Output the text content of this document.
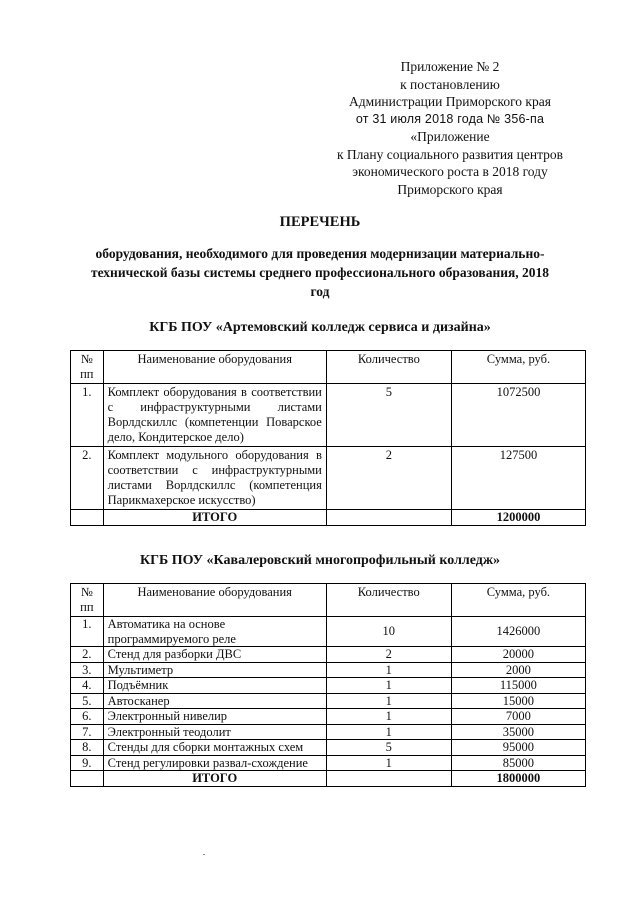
Приложение № 2
к постановлению
Администрации Приморского края
от 31 июля 2018 года № 356-па
«Приложение
к Плану социального развития центров
экономического роста в 2018 году
Приморского края
ПЕРЕЧЕНЬ
оборудования, необходимого для проведения модернизации материально-технической базы системы среднего профессионального образования, 2018 год
КГБ ПОУ «Артемовский колледж сервиса и дизайна»
№ пп	Наименование оборудования	Количество	Сумма, руб.
1.	Комплект оборудования в соответствии с инфраструктурными листами Ворлдскиллс (компетенции Поварское дело, Кондитерское дело)	5	1072500
2.	Комплект модульного оборудования в соответствии с инфраструктурными листами Ворлдскиллс (компетенция Парикмахерское искусство)	2	127500
	ИТОГО		1200000
КГБ ПОУ «Кавалеровский многопрофильный колледж»
№ пп	Наименование оборудования	Количество	Сумма, руб.
1.	Автоматика на основе программируемого реле	10	1426000
2.	Стенд для разборки ДВС	2	20000
3.	Мультиметр	1	2000
4.	Подъёмник	1	115000
5.	Автосканер	1	15000
6.	Электронный нивелир	1	7000
7.	Электронный теодолит	1	35000
8.	Стенды для сборки монтажных схем	5	95000
9.	Стенд регулировки развал-схождение	1	85000
	ИТОГО		1800000
